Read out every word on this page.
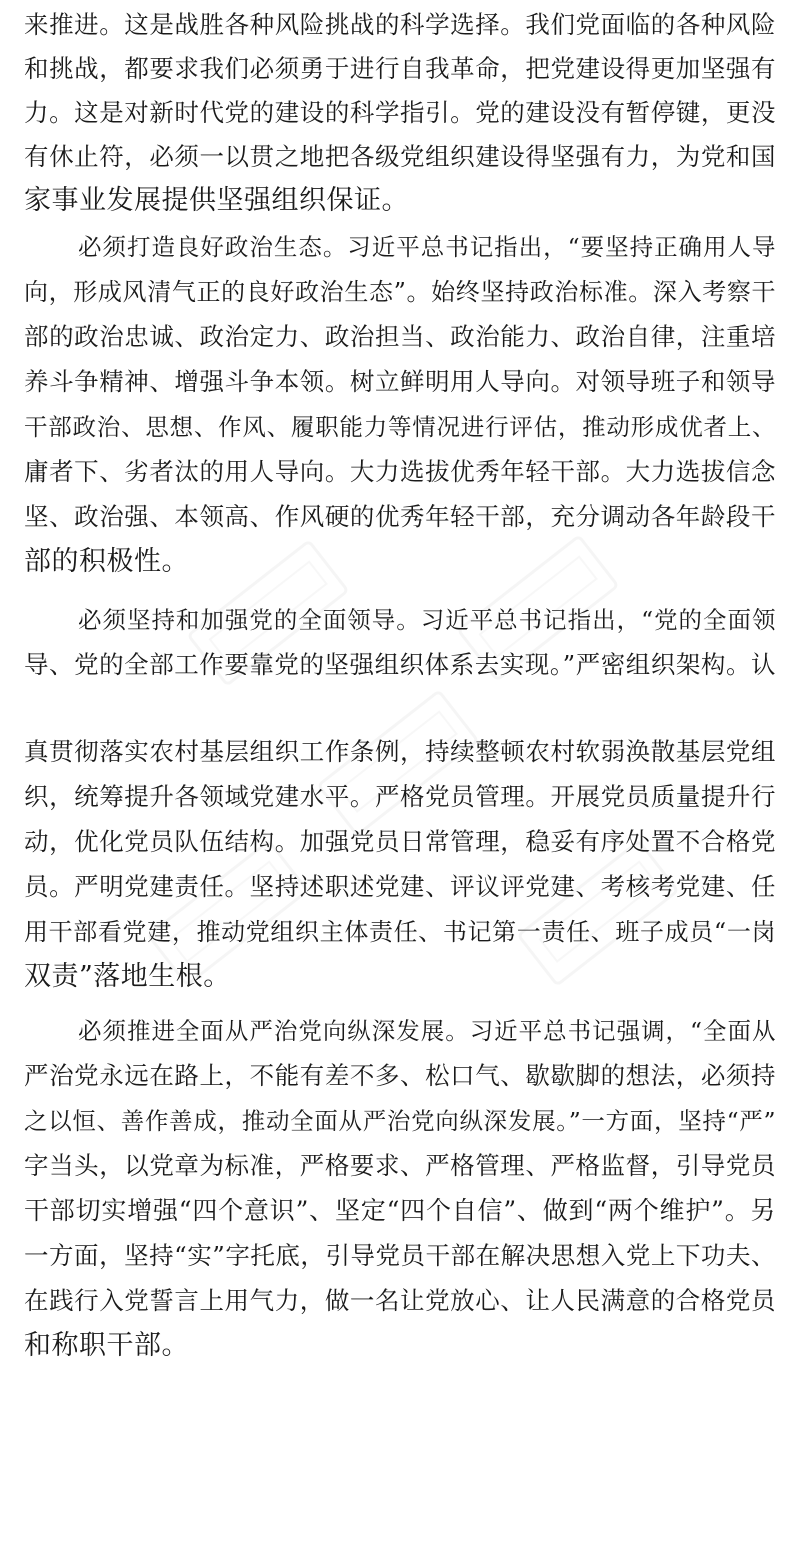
来推进。这是战胜各种风险挑战的科学选择。我们党面临的各种风险
和挑战，都要求我们必须勇于进行自我革命，把党建设得更加坚强有
力。这是对新时代党的建设的科学指引。党的建设没有暂停键，更没
有休止符，必须一以贯之地把各级党组织建设得坚强有力，为党和国
家事业发展提供坚强组织保证。
必须打造良好政治生态。习近平总书记指出，“要坚持正确用人导
向，形成风清气正的良好政治生态”。始终坚持政治标准。深入考察干
部的政治忠诚、政治定力、政治担当、政治能力、政治自律，注重培
养斗争精神、增强斗争本领。树立鲜明用人导向。对领导班子和领导
干部政治、思想、作风、履职能力等情况进行评估，推动形成优者上、
庸者下、劣者汰的用人导向。大力选拔优秀年轻干部。大力选拔信念
坚、政治强、本领高、作风硬的优秀年轻干部，充分调动各年龄段干
部的积极性。
必须坚持和加强党的全面领导。习近平总书记指出，“党的全面领
导、党的全部工作要靠党的坚强组织体系去实现。”严密组织架构。认
真贯彻落实农村基层组织工作条例，持续整顿农村软弱涣散基层党组
织，统筹提升各领域党建水平。严格党员管理。开展党员质量提升行
动，优化党员队伍结构。加强党员日常管理，稳妥有序处置不合格党
员。严明党建责任。坚持述职述党建、评议评党建、考核考党建、任
用干部看党建，推动党组织主体责任、书记第一责任、班子成员“一岗
双责”落地生根。
必须推进全面从严治党向纵深发展。习近平总书记强调，“全面从
严治党永远在路上，不能有差不多、松口气、歇歇脚的想法，必须持
之以恒、善作善成，推动全面从严治党向纵深发展。”一方面，坚持“严”
字当头，以党章为标准，严格要求、严格管理、严格监督，引导党员
干部切实增强“四个意识”、坚定“四个自信”、做到“两个维护”。另
一方面，坚持“实”字托底，引导党员干部在解决思想入党上下功夫、
在践行入党誓言上用气力，做一名让党放心、让人民满意的合格党员
和称职干部。
